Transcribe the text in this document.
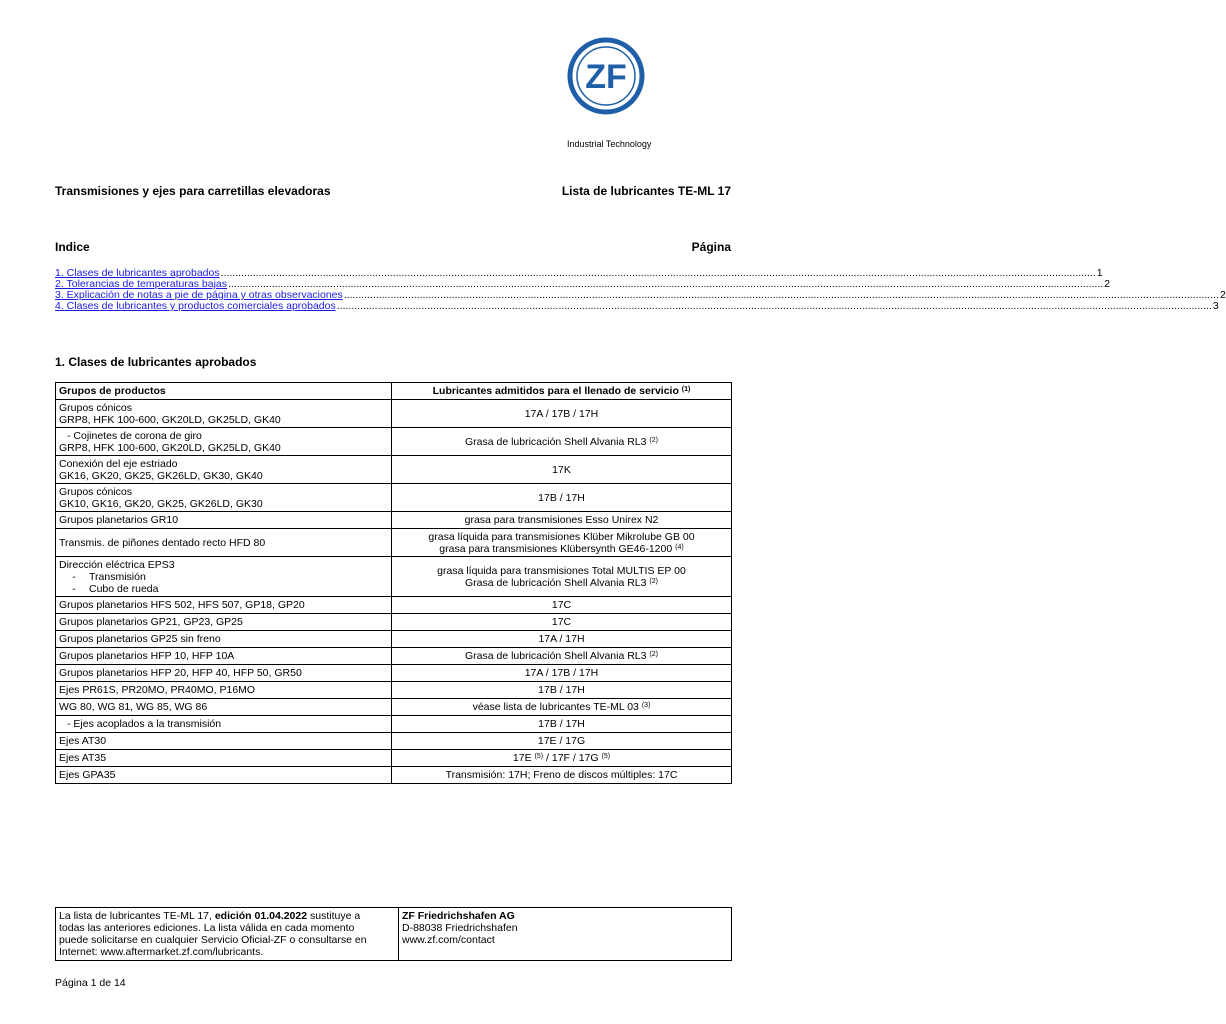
ZF
Industrial Technology
Transmisiones y ejes para carretillas elevadoras	Lista de lubricantes TE-ML 17
Indice	Página
1. Clases de lubricantes aprobados ............................................................................................................................................................................................................................................................................................................ 1
2. Tolerancias de temperaturas bajas ............................................................................................................................................................................................................................................................................................................ 2
3. Explicación de notas a pie de página y otras observaciones ............................................................................................................................................................................................................................................................................................................ 2
4. Clases de lubricantes y productos comerciales aprobados ............................................................................................................................................................................................................................................................................................................ 3
1. Clases de lubricantes aprobados
Grupos de productos	Lubricantes admitidos para el llenado de servicio $^{(1)}$

Grupos cónicos
GRP8, HFK 100-600, GK20LD, GK25LD, GK40	17A / 17B / 17H

- Cojinetes de corona de giro
GRP8, HFK 100-600, GK20LD, GK25LD, GK40	Grasa de lubricación Shell Alvania RL3 $^{(2)}$

Conexión del eje estriado
GK16, GK20, GK25, GK26LD, GK30, GK40	17K

Grupos cónicos
GK10, GK16, GK20, GK25, GK26LD, GK30	17B / 17H

Grupos planetarios GR10	grasa para transmisiones Esso Unirex N2

Transmis. de piñones dentado recto HFD 80	grasa líquida para transmisiones Klüber Mikrolube GB 00
grasa para transmisiones Klübersynth GE46-1200 $^{(4)}$

Dirección eléctrica EPS3
- Transmisión
- Cubo de rueda	grasa líquida para transmisiones Total MULTIS EP 00
Grasa de lubricación Shell Alvania RL3 $^{(2)}$

Grupos planetarios HFS 502, HFS 507, GP18, GP20	17C

Grupos planetarios GP21, GP23, GP25	17C

Grupos planetarios GP25 sin freno	17A / 17H

Grupos planetarios HFP 10, HFP 10A	Grasa de lubricación Shell Alvania RL3 $^{(2)}$

Grupos planetarios HFP 20, HFP 40, HFP 50, GR50	17A / 17B / 17H

Ejes PR61S, PR20MO, PR40MO, P16MO	17B / 17H

WG 80, WG 81, WG 85, WG 86	véase lista de lubricantes TE-ML 03 $^{(3)}$

- Ejes acoplados a la transmisión	17B / 17H

Ejes AT30	17E / 17G

Ejes AT35	17E $^{(5)}$ / 17F / 17G $^{(5)}$

Ejes GPA35	Transmisión: 17H; Freno de discos múltiples: 17C
La lista de lubricantes TE-ML 17, edición 01.04.2022 sustituye a
todas las anteriores ediciones. La lista válida en cada momento
puede solicitarse en cualquier Servicio Oficial-ZF o consultarse en
Internet: www.aftermarket.zf.com/lubricants.

ZF Friedrichshafen AG
D-88038 Friedrichshafen
www.zf.com/contact
Página 1 de 14
